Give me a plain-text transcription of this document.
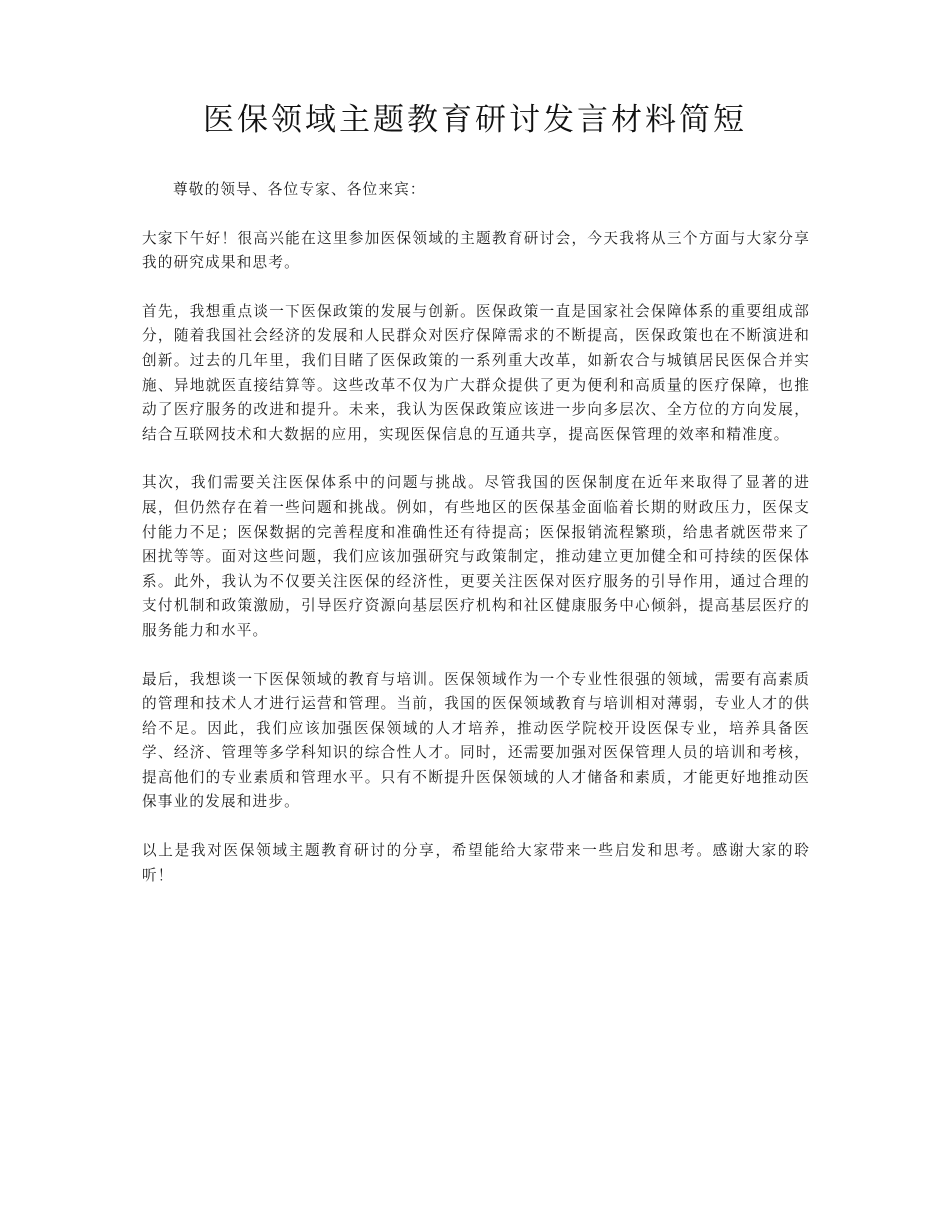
医保领域主题教育研讨发言材料简短

尊敬的领导、各位专家、各位来宾：

大家下午好！很高兴能在这里参加医保领域的主题教育研讨会，今天我将从三个方面与大家分享我的研究成果和思考。

首先，我想重点谈一下医保政策的发展与创新。医保政策一直是国家社会保障体系的重要组成部分，随着我国社会经济的发展和人民群众对医疗保障需求的不断提高，医保政策也在不断演进和创新。过去的几年里，我们目睹了医保政策的一系列重大改革，如新农合与城镇居民医保合并实施、异地就医直接结算等。这些改革不仅为广大群众提供了更为便利和高质量的医疗保障，也推动了医疗服务的改进和提升。未来，我认为医保政策应该进一步向多层次、全方位的方向发展，结合互联网技术和大数据的应用，实现医保信息的互通共享，提高医保管理的效率和精准度。

其次，我们需要关注医保体系中的问题与挑战。尽管我国的医保制度在近年来取得了显著的进展，但仍然存在着一些问题和挑战。例如，有些地区的医保基金面临着长期的财政压力，医保支付能力不足；医保数据的完善程度和准确性还有待提高；医保报销流程繁琐，给患者就医带来了困扰等等。面对这些问题，我们应该加强研究与政策制定，推动建立更加健全和可持续的医保体系。此外，我认为不仅要关注医保的经济性，更要关注医保对医疗服务的引导作用，通过合理的支付机制和政策激励，引导医疗资源向基层医疗机构和社区健康服务中心倾斜，提高基层医疗的服务能力和水平。

最后，我想谈一下医保领域的教育与培训。医保领域作为一个专业性很强的领域，需要有高素质的管理和技术人才进行运营和管理。当前，我国的医保领域教育与培训相对薄弱，专业人才的供给不足。因此，我们应该加强医保领域的人才培养，推动医学院校开设医保专业，培养具备医学、经济、管理等多学科知识的综合性人才。同时，还需要加强对医保管理人员的培训和考核，提高他们的专业素质和管理水平。只有不断提升医保领域的人才储备和素质，才能更好地推动医保事业的发展和进步。

以上是我对医保领域主题教育研讨的分享，希望能给大家带来一些启发和思考。感谢大家的聆听！
